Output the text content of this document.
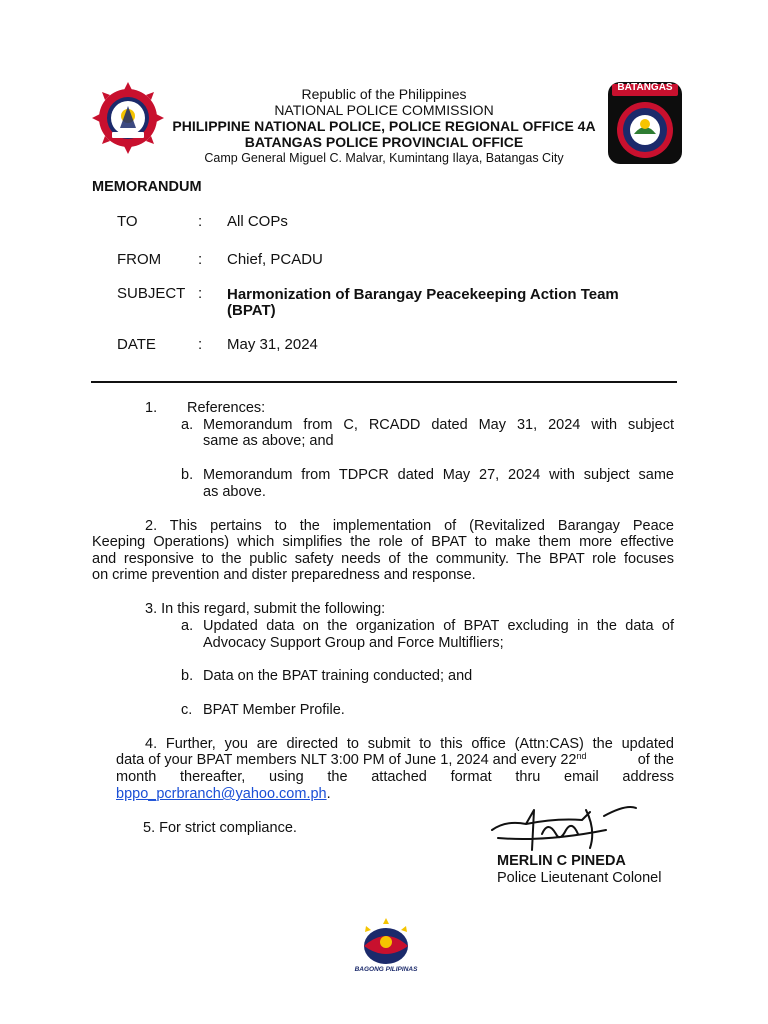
BATANGAS
Republic of the Philippines
NATIONAL POLICE COMMISSION
PHILIPPINE NATIONAL POLICE, POLICE REGIONAL OFFICE 4A
BATANGAS POLICE PROVINCIAL OFFICE
Camp General Miguel C. Malvar, Kumintang Ilaya, Batangas City
MEMORANDUM
TO	: All COPs
FROM : Chief, PCADU
SUBJECT : Harmonization of Barangay Peacekeeping Action Team
(BPAT)
DATE	: May 31, 2024
1. References:
a. Memorandum from C, RCADD dated May 31, 2024 with subject
same as above; and
b. Memorandum from TDPCR dated May 27, 2024 with subject same
as above.
2. This pertains to the implementation of (Revitalized Barangay Peace
Keeping Operations) which simplifies the role of BPAT to make them more effective
and responsive to the public safety needs of the community. The BPAT role focuses
on crime prevention and dister preparedness and response.
3. In this regard, submit the following:
a. Updated data on the organization of BPAT excluding in the data of
Advocacy Support Group and Force Multifliers;
b. Data on the BPAT training conducted; and
c. BPAT Member Profile.
4. Further, you are directed to submit to this office (Attn:CAS) the updated
data of your BPAT members NLT 3:00 PM of June 1, 2024 and every 22nd	of the
month thereafter, using the attached format thru email address
bppo_pcrbranch@yahoo.com.ph.
5. For strict compliance.
MERLIN C PINEDA
Police Lieutenant Colonel
BAGONG PILIPINAS
